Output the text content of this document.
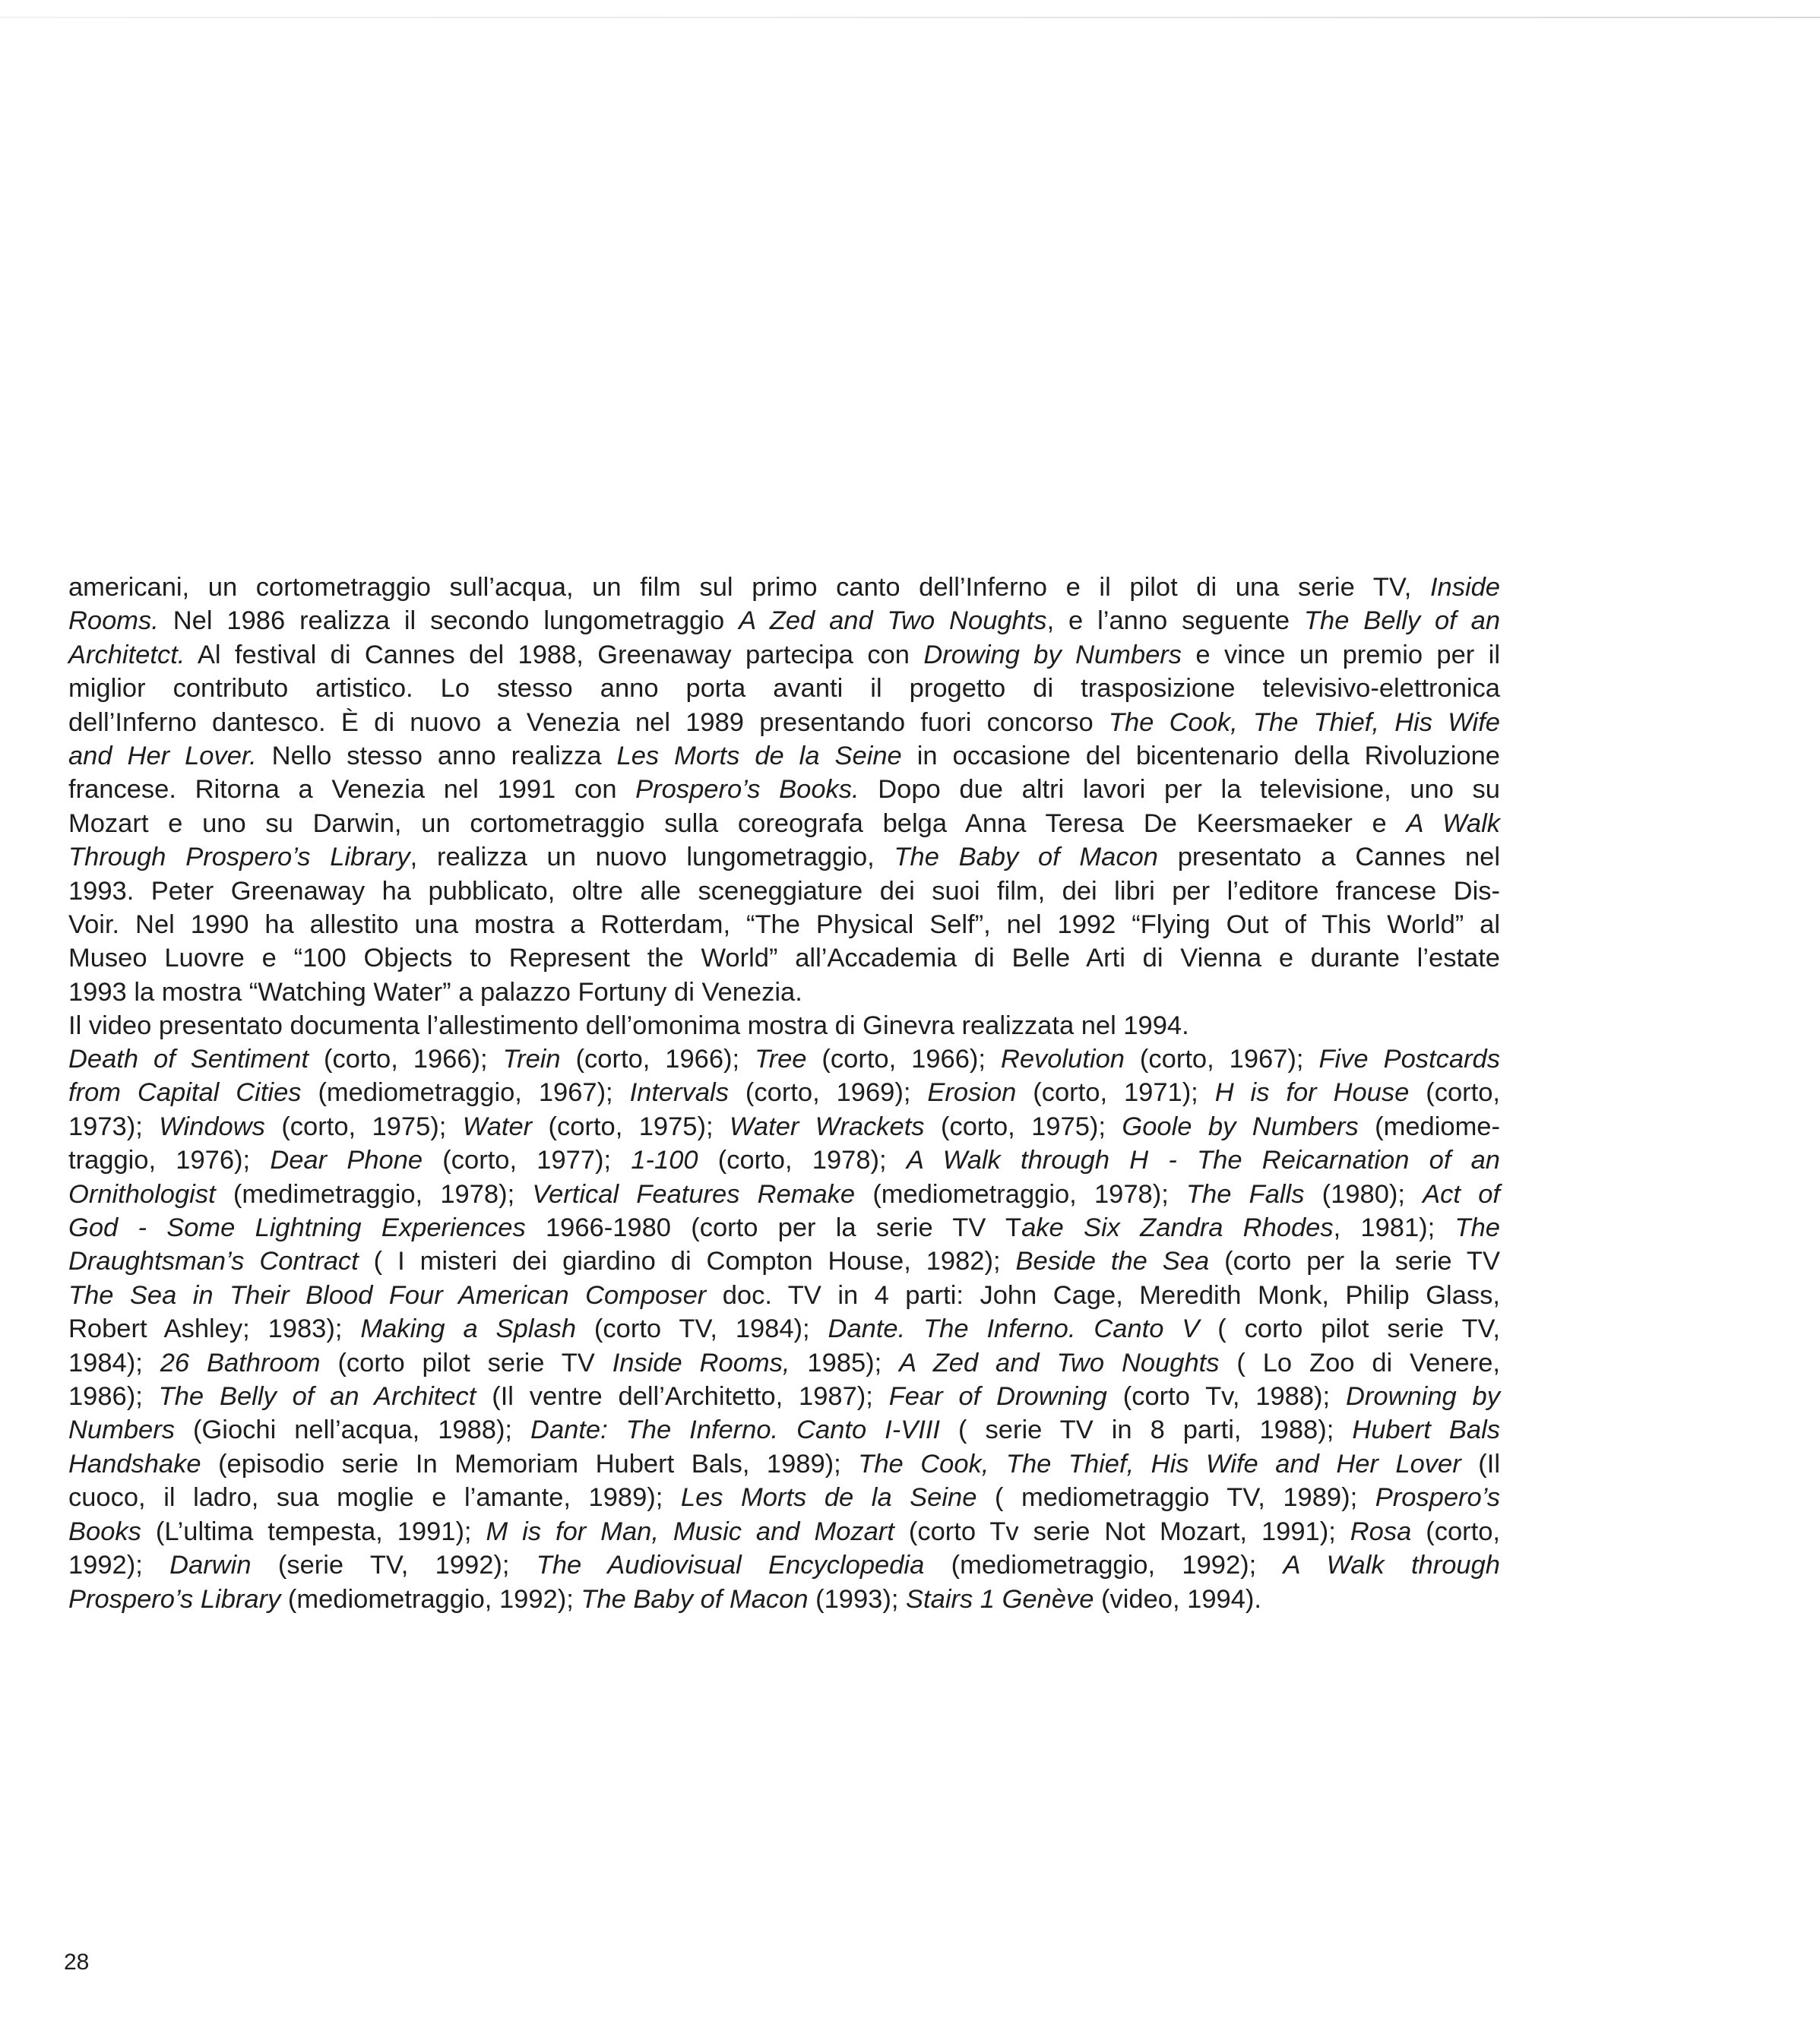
americani, un cortometraggio sull’acqua, un film sul primo canto dell’Inferno e il pilot di una serie TV, Inside
Rooms. Nel 1986 realizza il secondo lungometraggio A Zed and Two Noughts, e l’anno seguente The Belly of an
Architetct. Al festival di Cannes del 1988, Greenaway partecipa con Drowing by Numbers e vince un premio per il
miglior contributo artistico. Lo stesso anno porta avanti il progetto di trasposizione televisivo-elettronica
dell’Inferno dantesco. È di nuovo a Venezia nel 1989 presentando fuori concorso The Cook, The Thief, His Wife
and Her Lover. Nello stesso anno realizza Les Morts de la Seine in occasione del bicentenario della Rivoluzione
francese. Ritorna a Venezia nel 1991 con Prospero’s Books. Dopo due altri lavori per la televisione, uno su
Mozart e uno su Darwin, un cortometraggio sulla coreografa belga Anna Teresa De Keersmaeker e A Walk
Through Prospero’s Library, realizza un nuovo lungometraggio, The Baby of Macon presentato a Cannes nel
1993. Peter Greenaway ha pubblicato, oltre alle sceneggiature dei suoi film, dei libri per l’editore francese Dis-
Voir. Nel 1990 ha allestito una mostra a Rotterdam, “The Physical Self”, nel 1992 “Flying Out of This World” al
Museo Luovre e “100 Objects to Represent the World” all’Accademia di Belle Arti di Vienna e durante l’estate
1993 la mostra “Watching Water” a palazzo Fortuny di Venezia.
Il video presentato documenta l’allestimento dell’omonima mostra di Ginevra realizzata nel 1994.
Death of Sentiment (corto, 1966); Trein (corto, 1966); Tree (corto, 1966); Revolution (corto, 1967); Five Postcards
from Capital Cities (mediometraggio, 1967); Intervals (corto, 1969); Erosion (corto, 1971); H is for House (corto,
1973); Windows (corto, 1975); Water (corto, 1975); Water Wrackets (corto, 1975); Goole by Numbers (mediome-
traggio, 1976); Dear Phone (corto, 1977); 1-100 (corto, 1978); A Walk through H - The Reicarnation of an
Ornithologist (medimetraggio, 1978); Vertical Features Remake (mediometraggio, 1978); The Falls (1980); Act of
God - Some Lightning Experiences 1966-1980 (corto per la serie TV Take Six Zandra Rhodes, 1981); The
Draughtsman’s Contract ( I misteri dei giardino di Compton House, 1982); Beside the Sea (corto per la serie TV
The Sea in Their Blood Four American Composer doc. TV in 4 parti: John Cage, Meredith Monk, Philip Glass,
Robert Ashley; 1983); Making a Splash (corto TV, 1984); Dante. The Inferno. Canto V ( corto pilot serie TV,
1984); 26 Bathroom (corto pilot serie TV Inside Rooms, 1985); A Zed and Two Noughts ( Lo Zoo di Venere,
1986); The Belly of an Architect (Il ventre dell’Architetto, 1987); Fear of Drowning (corto Tv, 1988); Drowning by
Numbers (Giochi nell’acqua, 1988); Dante: The Inferno. Canto I-VIII ( serie TV in 8 parti, 1988); Hubert Bals
Handshake (episodio serie In Memoriam Hubert Bals, 1989); The Cook, The Thief, His Wife and Her Lover (Il
cuoco, il ladro, sua moglie e l’amante, 1989); Les Morts de la Seine ( mediometraggio TV, 1989); Prospero’s
Books (L’ultima tempesta, 1991); M is for Man, Music and Mozart (corto Tv serie Not Mozart, 1991); Rosa (corto,
1992); Darwin (serie TV, 1992); The Audiovisual Encyclopedia (mediometraggio, 1992); A Walk through
Prospero’s Library (mediometraggio, 1992); The Baby of Macon (1993); Stairs 1 Genève (video, 1994).
28
